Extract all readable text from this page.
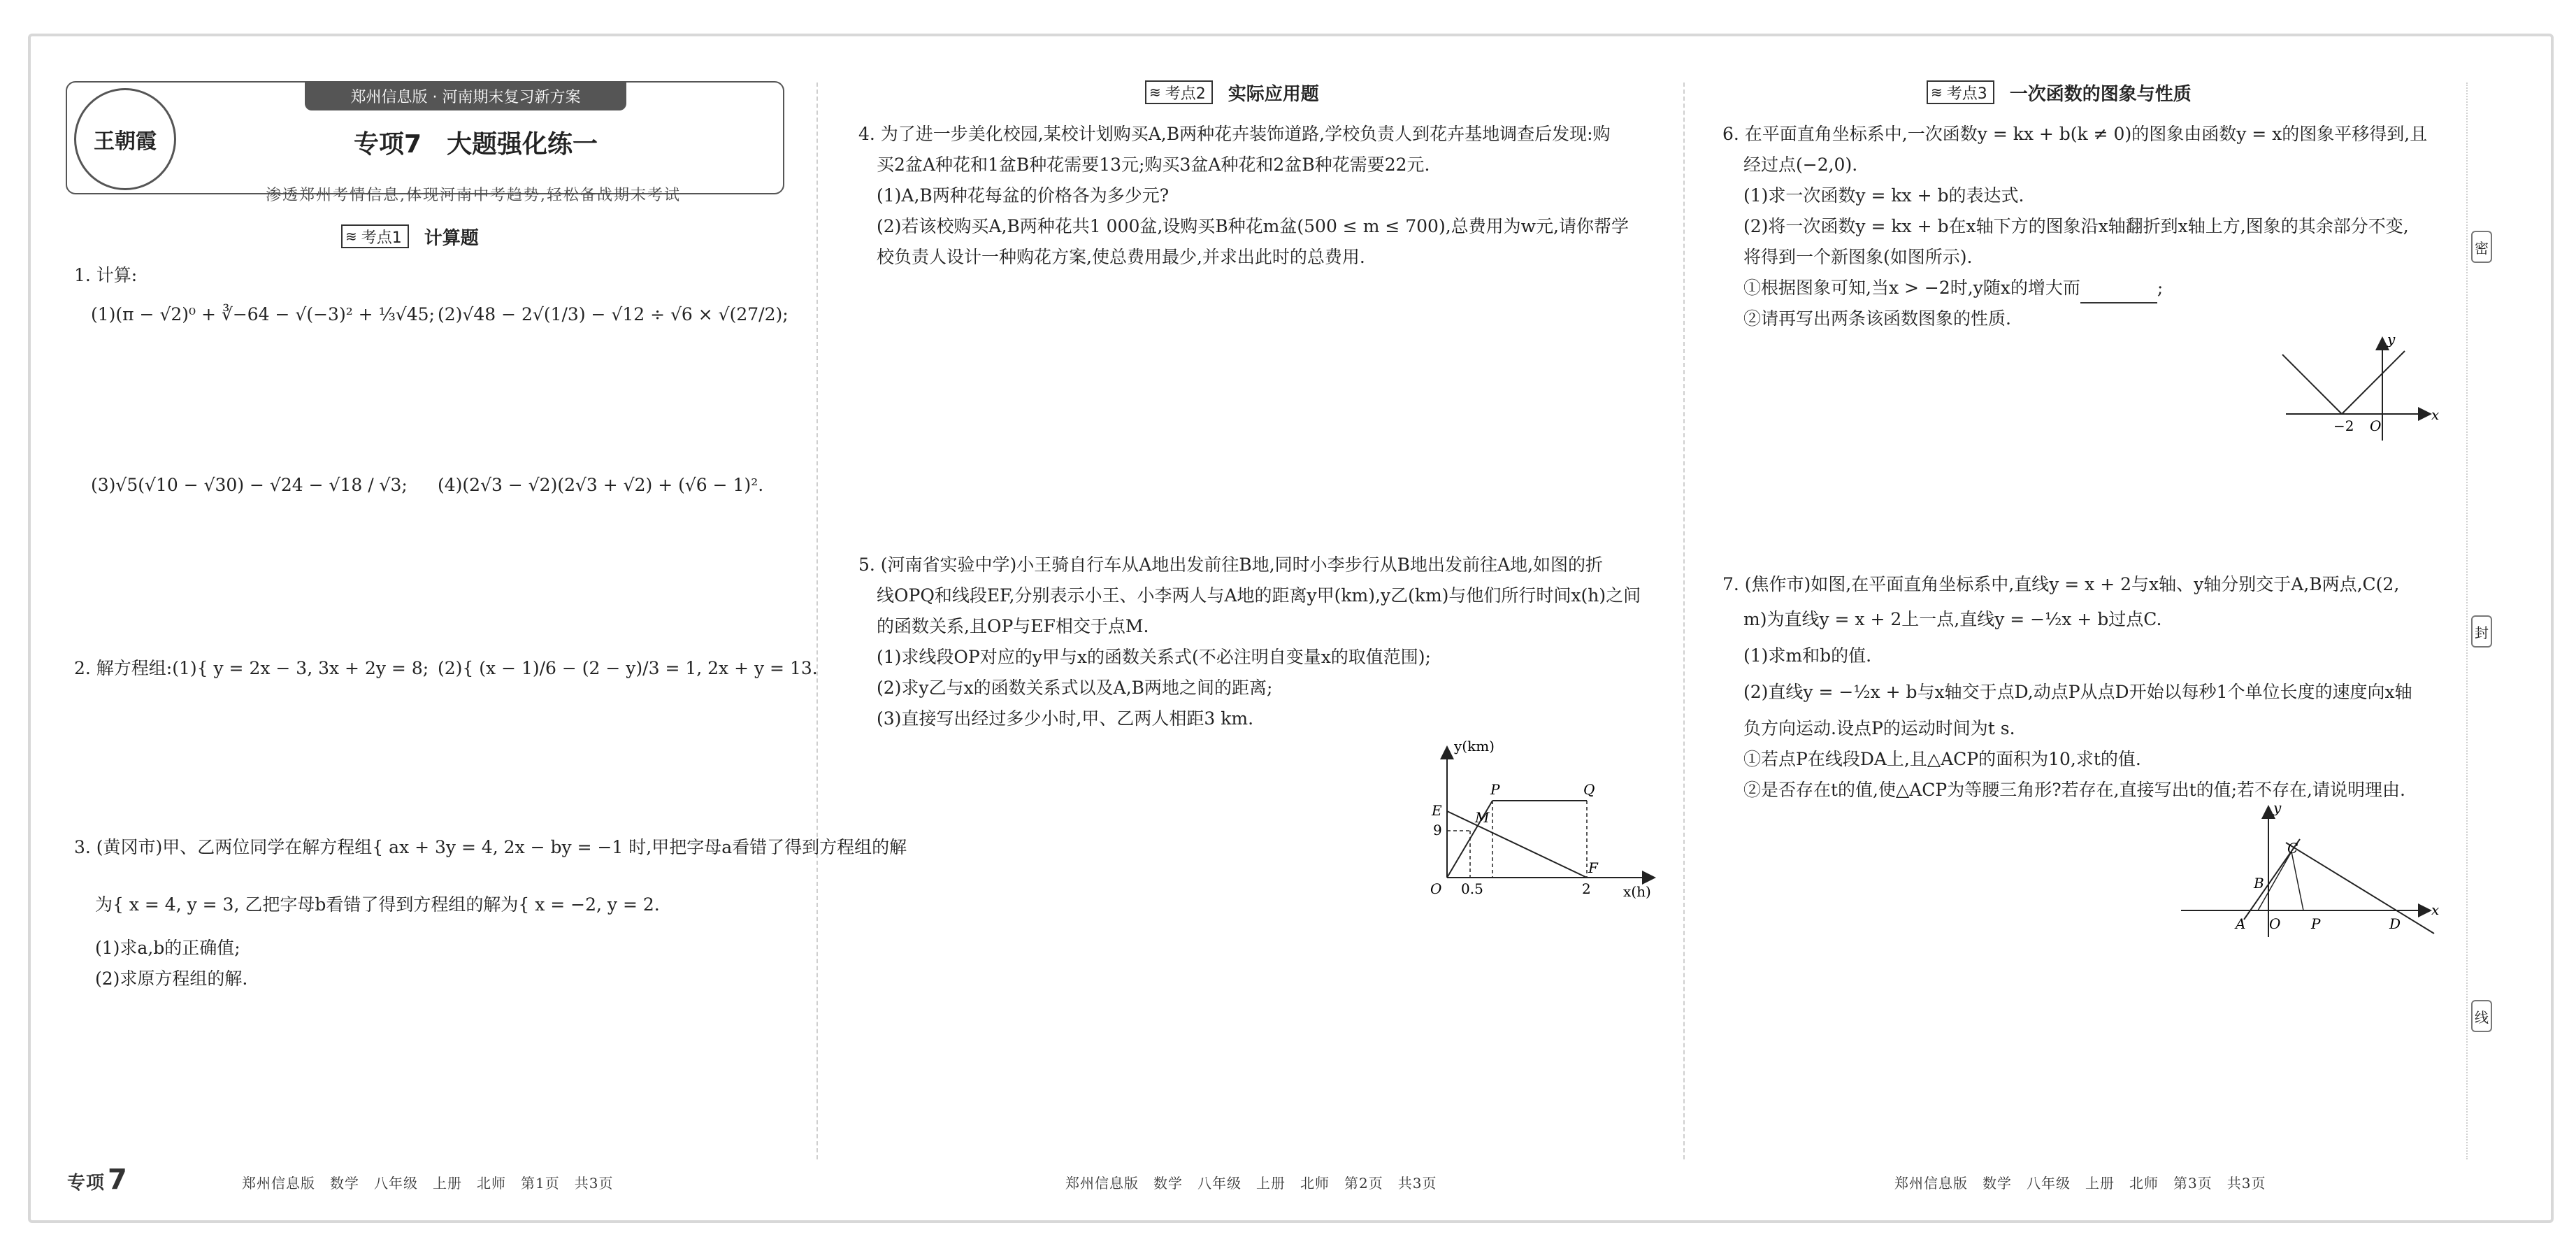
王朝霞
郑州信息版 · 河南期末复习新方案
专项7　大题强化练一
渗透郑州考情信息,体现河南中考趋势,轻松备战期末考试
≋ 考点1 计算题
1. 计算:
(1)(π − √2)⁰ + ∛−64 − √(−3)² + ⅓√45; (2)√48 − 2√(1/3) − √12 ÷ √6 × √(27/2);
(3)√5(√10 − √30) − √24 − √18 / √3; (4)(2√3 − √2)(2√3 + √2) + (√6 − 1)².
2. 解方程组:(1){ y = 2x − 3, 3x + 2y = 8; (2){ (x − 1)/6 − (2 − y)/3 = 1, 2x + y = 13.
3. (黄冈市)甲、乙两位同学在解方程组{ ax + 3y = 4, 2x − by = −1 时,甲把字母a看错了得到方程组的解
为{ x = 4, y = 3, 乙把字母b看错了得到方程组的解为{ x = −2, y = 2.
(1)求a,b的正确值;
(2)求原方程组的解.
≋ 考点2 实际应用题
4. 为了进一步美化校园,某校计划购买A,B两种花卉装饰道路,学校负责人到花卉基地调查后发现:购
买2盆A种花和1盆B种花需要13元;购买3盆A种花和2盆B种花需要22元.
(1)A,B两种花每盆的价格各为多少元?
(2)若该校购买A,B两种花共1 000盆,设购买B种花m盆(500 ≤ m ≤ 700),总费用为w元,请你帮学
校负责人设计一种购花方案,使总费用最少,并求出此时的总费用.
5. (河南省实验中学)小王骑自行车从A地出发前往B地,同时小李步行从B地出发前往A地,如图的折
线OPQ和线段EF,分别表示小王、小李两人与A地的距离y甲(km),y乙(km)与他们所行时间x(h)之间
的函数关系,且OP与EF相交于点M.
(1)求线段OP对应的y甲与x的函数关系式(不必注明自变量x的取值范围);
(2)求y乙与x的函数关系式以及A,B两地之间的距离;
(3)直接写出经过多少小时,甲、乙两人相距3 km.
y(km)
x(h)
O
E
9
P	Q
M
F
0.5	2
≋ 考点3 一次函数的图象与性质
6. 在平面直角坐标系中,一次函数y = kx + b(k ≠ 0)的图象由函数y = x的图象平移得到,且
经过点(−2,0).
(1)求一次函数y = kx + b的表达式.
(2)将一次函数y = kx + b在x轴下方的图象沿x轴翻折到x轴上方,图象的其余部分不变,
将得到一个新图象(如图所示).
①根据图象可知,当x > −2时,y随x的增大而	;
②请再写出两条该函数图象的性质.
y
x
−2 O
7. (焦作市)如图,在平面直角坐标系中,直线y = x + 2与x轴、y轴分别交于A,B两点,C(2,
m)为直线y = x + 2上一点,直线y = −½x + b过点C.
(1)求m和b的值.
(2)直线y = −½x + b与x轴交于点D,动点P从点D开始以每秒1个单位长度的速度向x轴
负方向运动.设点P的运动时间为t s.
①若点P在线段DA上,且△ACP的面积为10,求t的值.
②是否存在t的值,使△ACP为等腰三角形?若存在,直接写出t的值;若不存在,请说明理由.
y
x
A O P	D
B
C
密
封
线
专项 7	郑州信息版　数学　八年级　上册　北师　第1页　共3页	郑州信息版　数学　八年级　上册　北师　第2页　共3页	郑州信息版　数学　八年级　上册　北师　第3页　共3页
